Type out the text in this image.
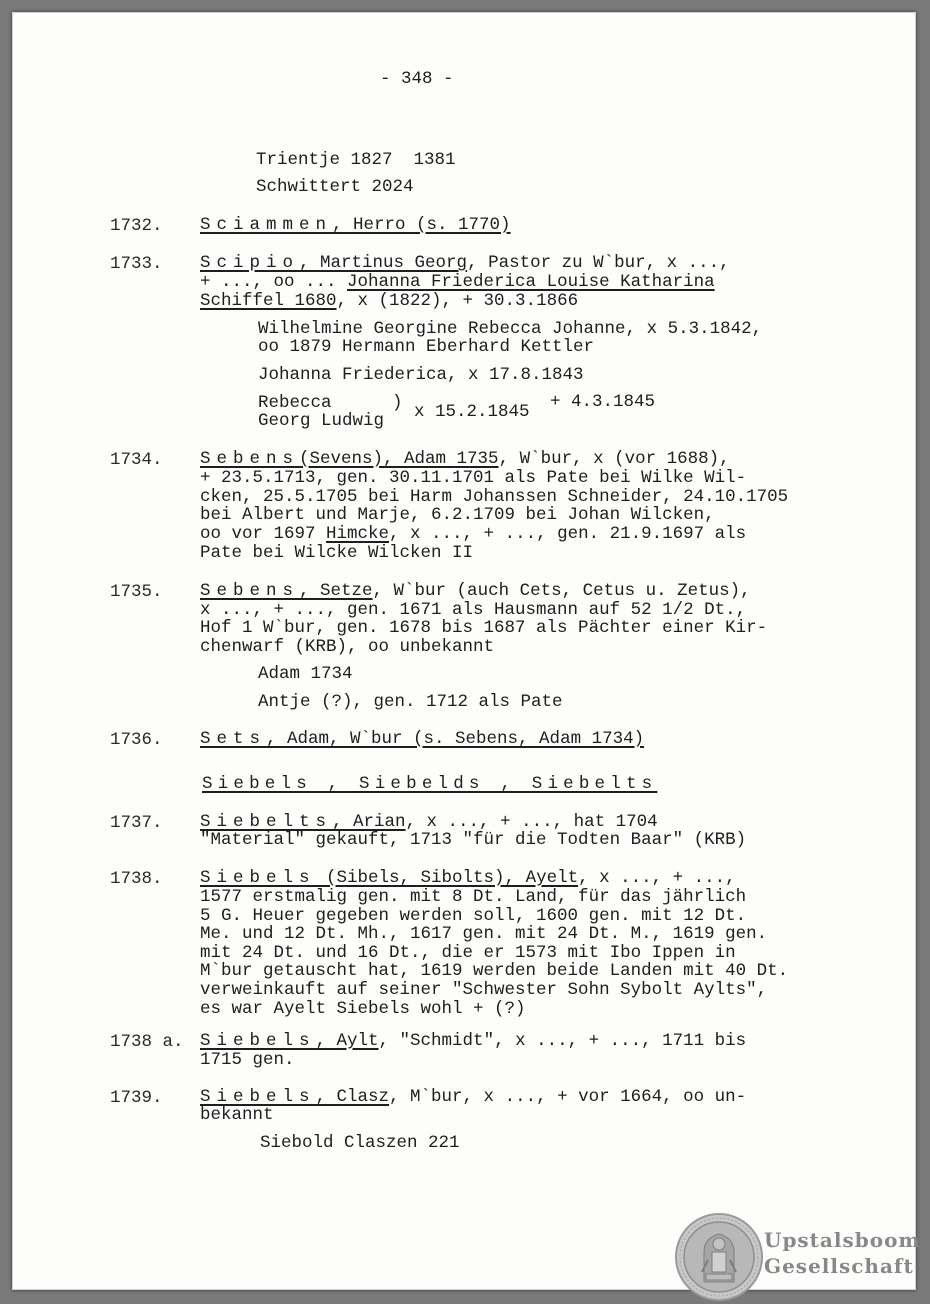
- 348 -
Trientje 1827  1381
Schwittert 2024
1732. Sciammen, Herro (s. 1770)
1733. Scipio, Martinus Georg, Pastor zu W`bur, x ...,
+ ..., oo ... Johanna Friederica Louise Katharina
Schiffel 1680, x (1822), + 30.3.1866
Wilhelmine Georgine Rebecca Johanne, x 5.3.1842,
oo 1879 Hermann Eberhard Kettler
Johanna Friederica, x 17.8.1843
Rebecca
Georg Ludwig
) x 15.2.1845 + 4.3.1845
1734. Sebens(Sevens), Adam 1735, W`bur, x (vor 1688),
+ 23.5.1713, gen. 30.11.1701 als Pate bei Wilke Wil-
cken, 25.5.1705 bei Harm Johanssen Schneider, 24.10.1705
bei Albert und Marje, 6.2.1709 bei Johan Wilcken,
oo vor 1697 Himcke, x ..., + ..., gen. 21.9.1697 als
Pate bei Wilcke Wilcken II
1735. Sebens, Setze, W`bur (auch Cets, Cetus u. Zetus),
x ..., + ..., gen. 1671 als Hausmann auf 52 1/2 Dt.,
Hof 1 W`bur, gen. 1678 bis 1687 als Pächter einer Kir-
chenwarf (KRB), oo unbekannt
Adam 1734
Antje (?), gen. 1712 als Pate
1736. Sets, Adam, W`bur (s. Sebens, Adam 1734)
Siebels , Siebelds , Siebelts
1737. Siebelts, Arian, x ..., + ..., hat 1704
"Material" gekauft, 1713 "für die Todten Baar" (KRB)
1738. Siebels (Sibels, Sibolts), Ayelt, x ..., + ...,
1577 erstmalig gen. mit 8 Dt. Land, für das jährlich
5 G. Heuer gegeben werden soll, 1600 gen. mit 12 Dt.
Me. und 12 Dt. Mh., 1617 gen. mit 24 Dt. M., 1619 gen.
mit 24 Dt. und 16 Dt., die er 1573 mit Ibo Ippen in
M`bur getauscht hat, 1619 werden beide Landen mit 40 Dt.
verweinkauft auf seiner "Schwester Sohn Sybolt Aylts",
es war Ayelt Siebels wohl + (?)
1738 a. Siebels, Aylt, "Schmidt", x ..., + ..., 1711 bis
1715 gen.
1739. Siebels, Clasz, M`bur, x ..., + vor 1664, oo un-
bekannt
Siebold Claszen 221
Upstalsboom
Gesellschaft
